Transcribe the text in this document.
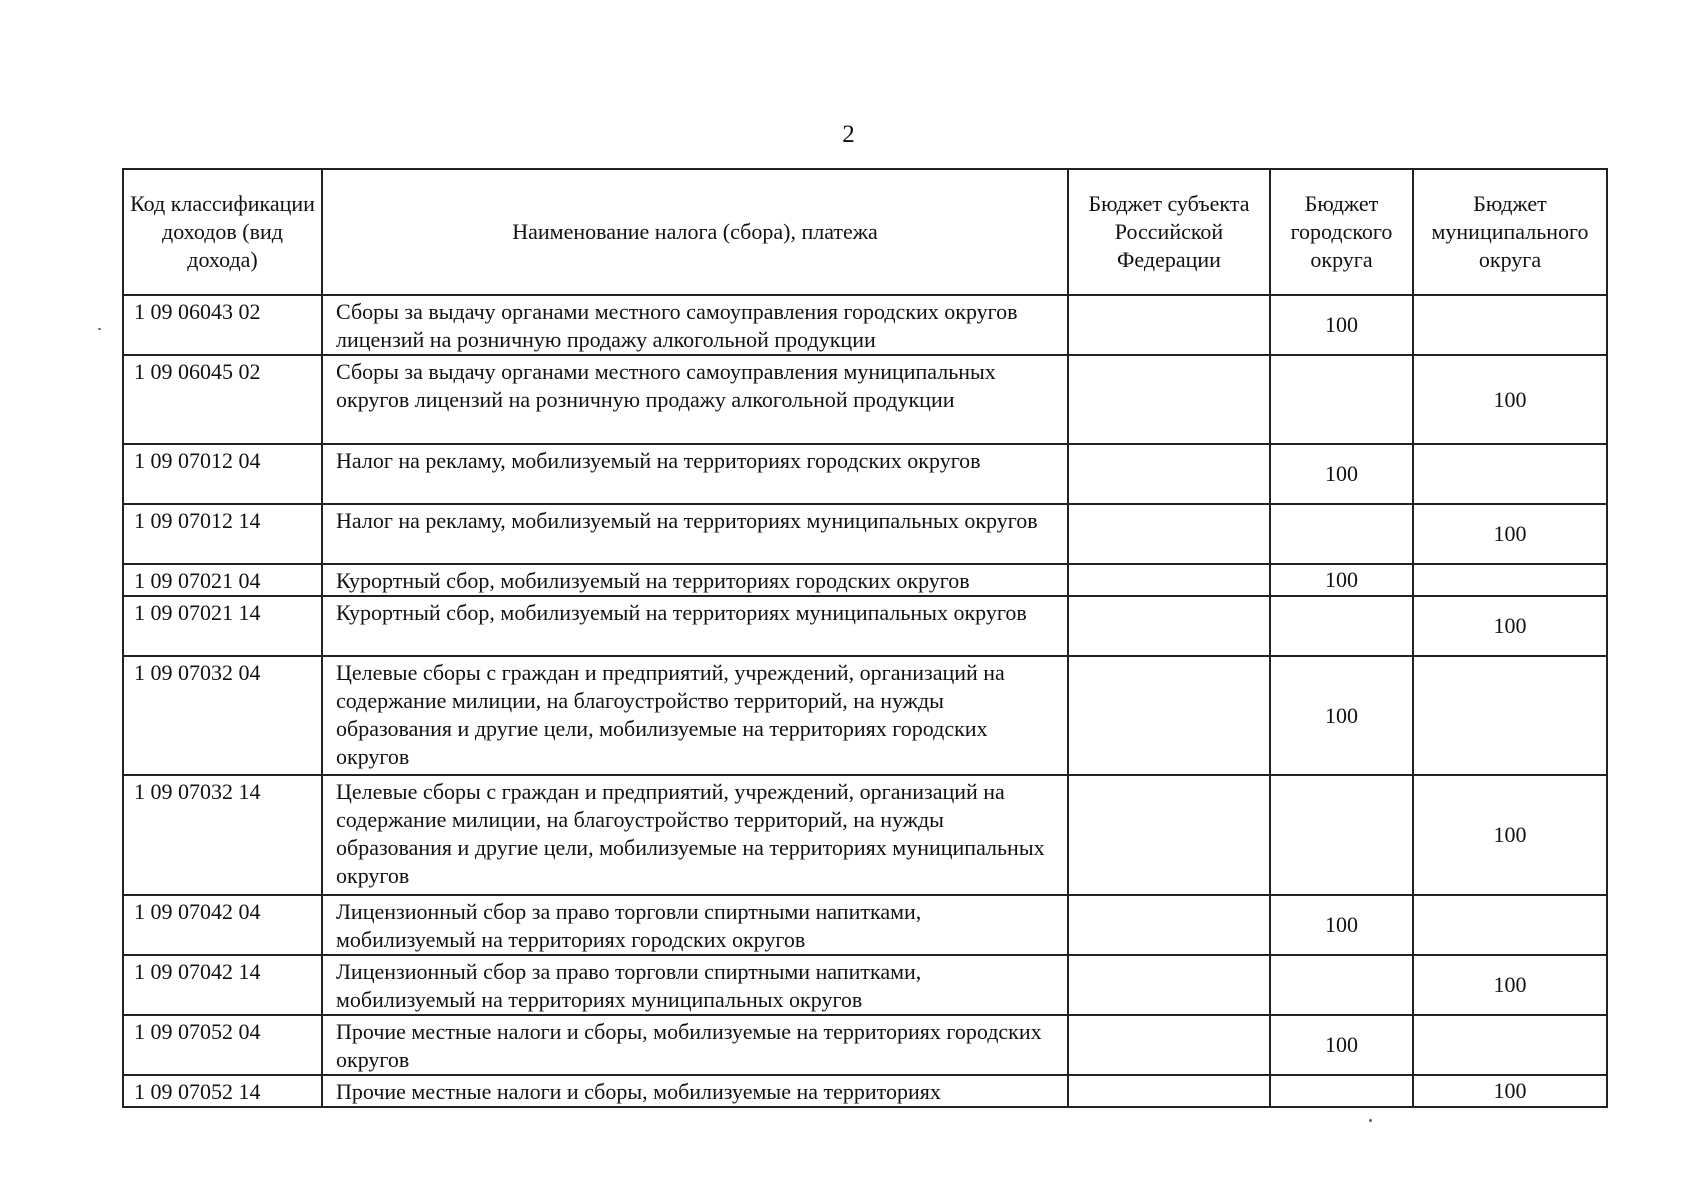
2
Код классификации доходов (вид дохода)	Наименование налога (сбора), платежа	Бюджет субъекта Российской Федерации	Бюджет городского округа	Бюджет муниципального округа

1 09 06043 02	Сборы за выдачу органами местного самоуправления городских округов лицензий на розничную продажу алкогольной продукции		100	

1 09 06045 02	Сборы за выдачу органами местного самоуправления муниципальных округов лицензий на розничную продажу алкогольной продукции			100

1 09 07012 04	Налог на рекламу, мобилизуемый на территориях городских округов		100	

1 09 07012 14	Налог на рекламу, мобилизуемый на территориях муниципальных округов			100

1 09 07021 04	Курортный сбор, мобилизуемый на территориях городских округов		100	

1 09 07021 14	Курортный сбор, мобилизуемый на территориях муниципальных округов			100

1 09 07032 04	Целевые сборы с граждан и предприятий, учреждений, организаций на содержание милиции, на благоустройство территорий, на нужды образования и другие цели, мобилизуемые на территориях городских округов		100	

1 09 07032 14	Целевые сборы с граждан и предприятий, учреждений, организаций на содержание милиции, на благоустройство территорий, на нужды образования и другие цели, мобилизуемые на территориях муниципальных округов			100

1 09 07042 04	Лицензионный сбор за право торговли спиртными напитками, мобилизуемый на территориях городских округов		100	

1 09 07042 14	Лицензионный сбор за право торговли спиртными напитками, мобилизуемый на территориях муниципальных округов			100

1 09 07052 04	Прочие местные налоги и сборы, мобилизуемые на территориях городских округов		100	

1 09 07052 14	Прочие местные налоги и сборы, мобилизуемые на территориях			100
